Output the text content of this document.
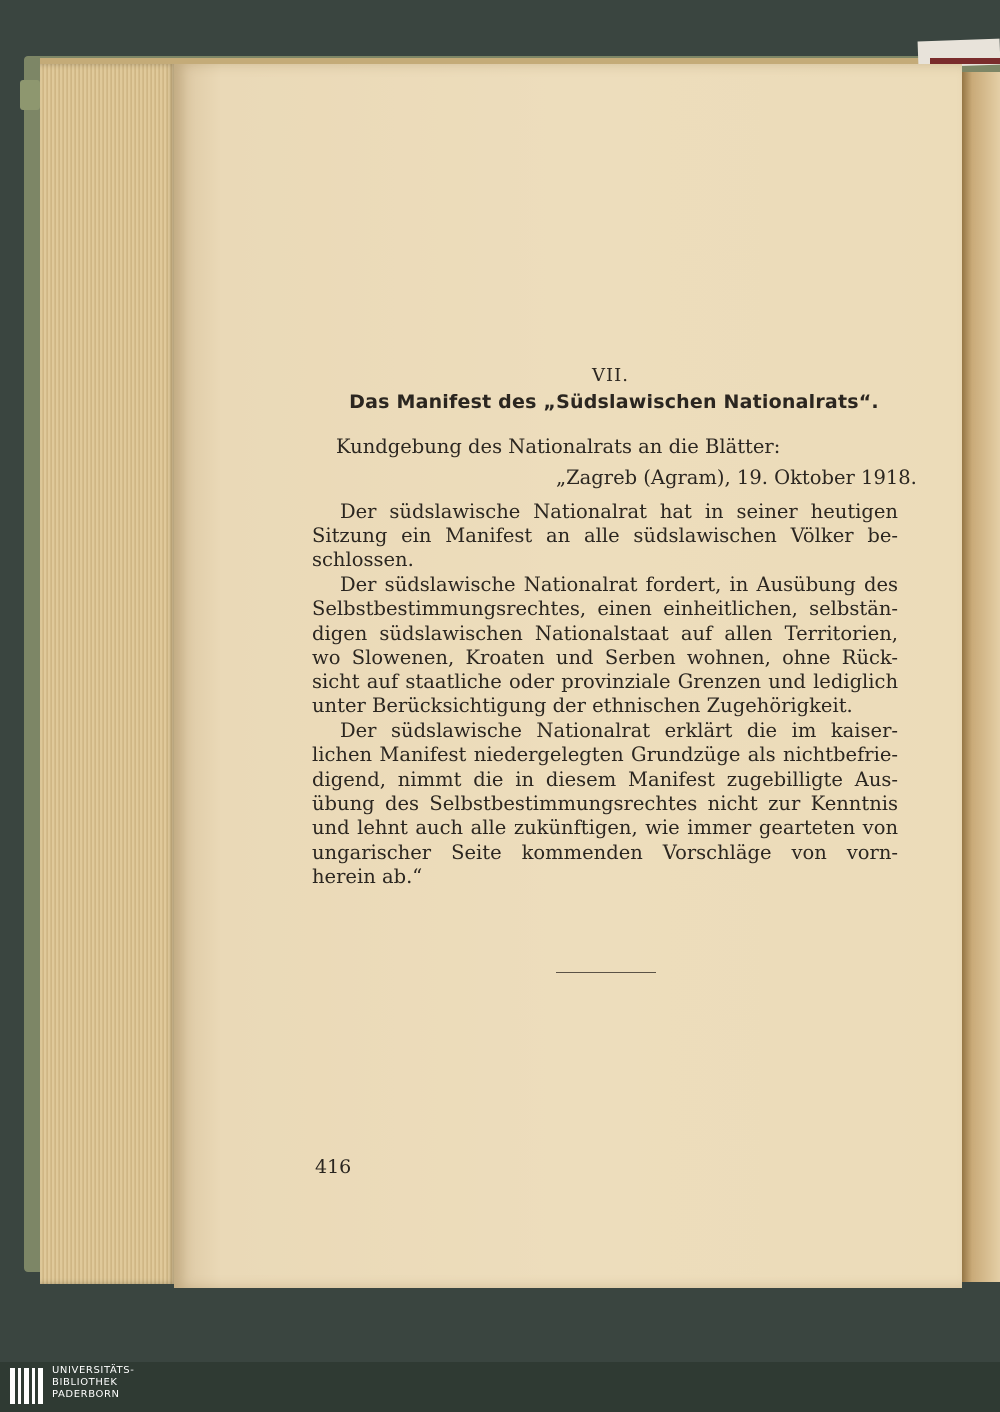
VII.
Das Manifest des „Südslawischen Nationalrats“.
Kundgebung des Nationalrats an die Blätter:
„Zagreb (Agram), 19. Oktober 1918.
Der südslawische Nationalrat hat in seiner heutigen
Sitzung ein Manifest an alle südslawischen Völker be-
schlossen.
Der südslawische Nationalrat fordert, in Ausübung des
Selbstbestimmungsrechtes, einen einheitlichen, selbstän-
digen südslawischen Nationalstaat auf allen Territorien,
wo Slowenen, Kroaten und Serben wohnen, ohne Rück-
sicht auf staatliche oder provinziale Grenzen und lediglich
unter Berücksichtigung der ethnischen Zugehörigkeit.
Der südslawische Nationalrat erklärt die im kaiser-
lichen Manifest niedergelegten Grundzüge als nichtbefrie-
digend, nimmt die in diesem Manifest zugebilligte Aus-
übung des Selbstbestimmungsrechtes nicht zur Kenntnis
und lehnt auch alle zukünftigen, wie immer gearteten von
ungarischer Seite kommenden Vorschläge von vorn-
herein ab.“
416
UNIVERSITÄTS-
BIBLIOTHEK
PADERBORN
